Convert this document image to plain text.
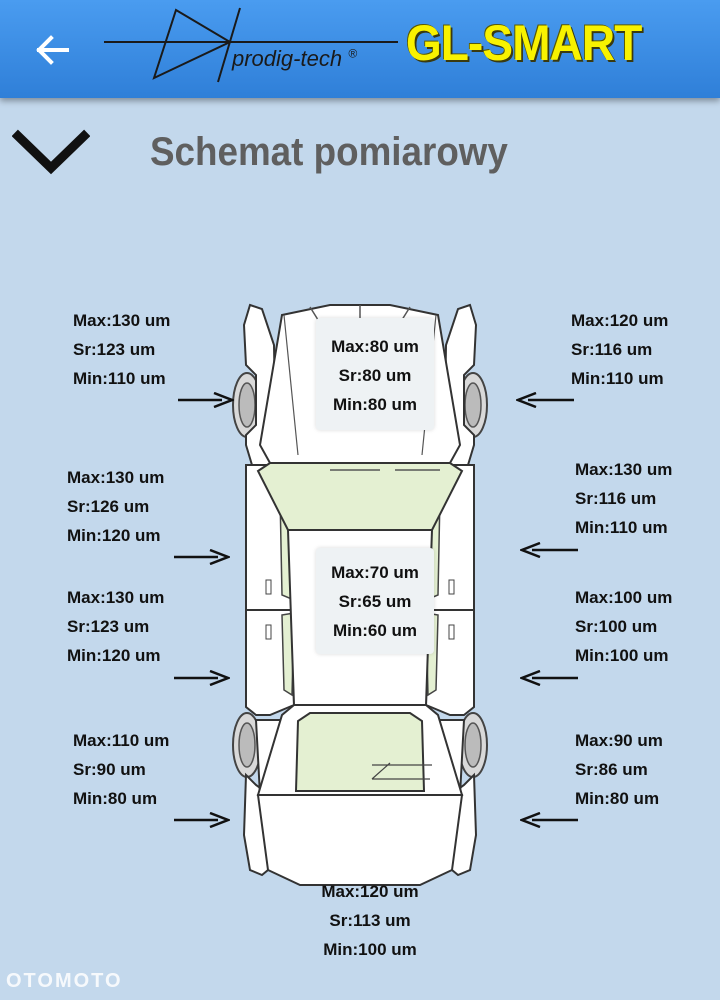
prodig-tech ® GL-SMART
Schemat pomiarowy
Max:80 um
Sr:80 um
Min:80 um
Max:70 um
Sr:65 um
Min:60 um
Max:130 um
Sr:123 um
Min:110 um
Max:130 um
Sr:126 um
Min:120 um
Max:130 um
Sr:123 um
Min:120 um
Max:110 um
Sr:90 um
Min:80 um
Max:120 um
Sr:116 um
Min:110 um
Max:130 um
Sr:116 um
Min:110 um
Max:100 um
Sr:100 um
Min:100 um
Max:90 um
Sr:86 um
Min:80 um
Max:120 um
Sr:113 um
Min:100 um
OTOMOTO
